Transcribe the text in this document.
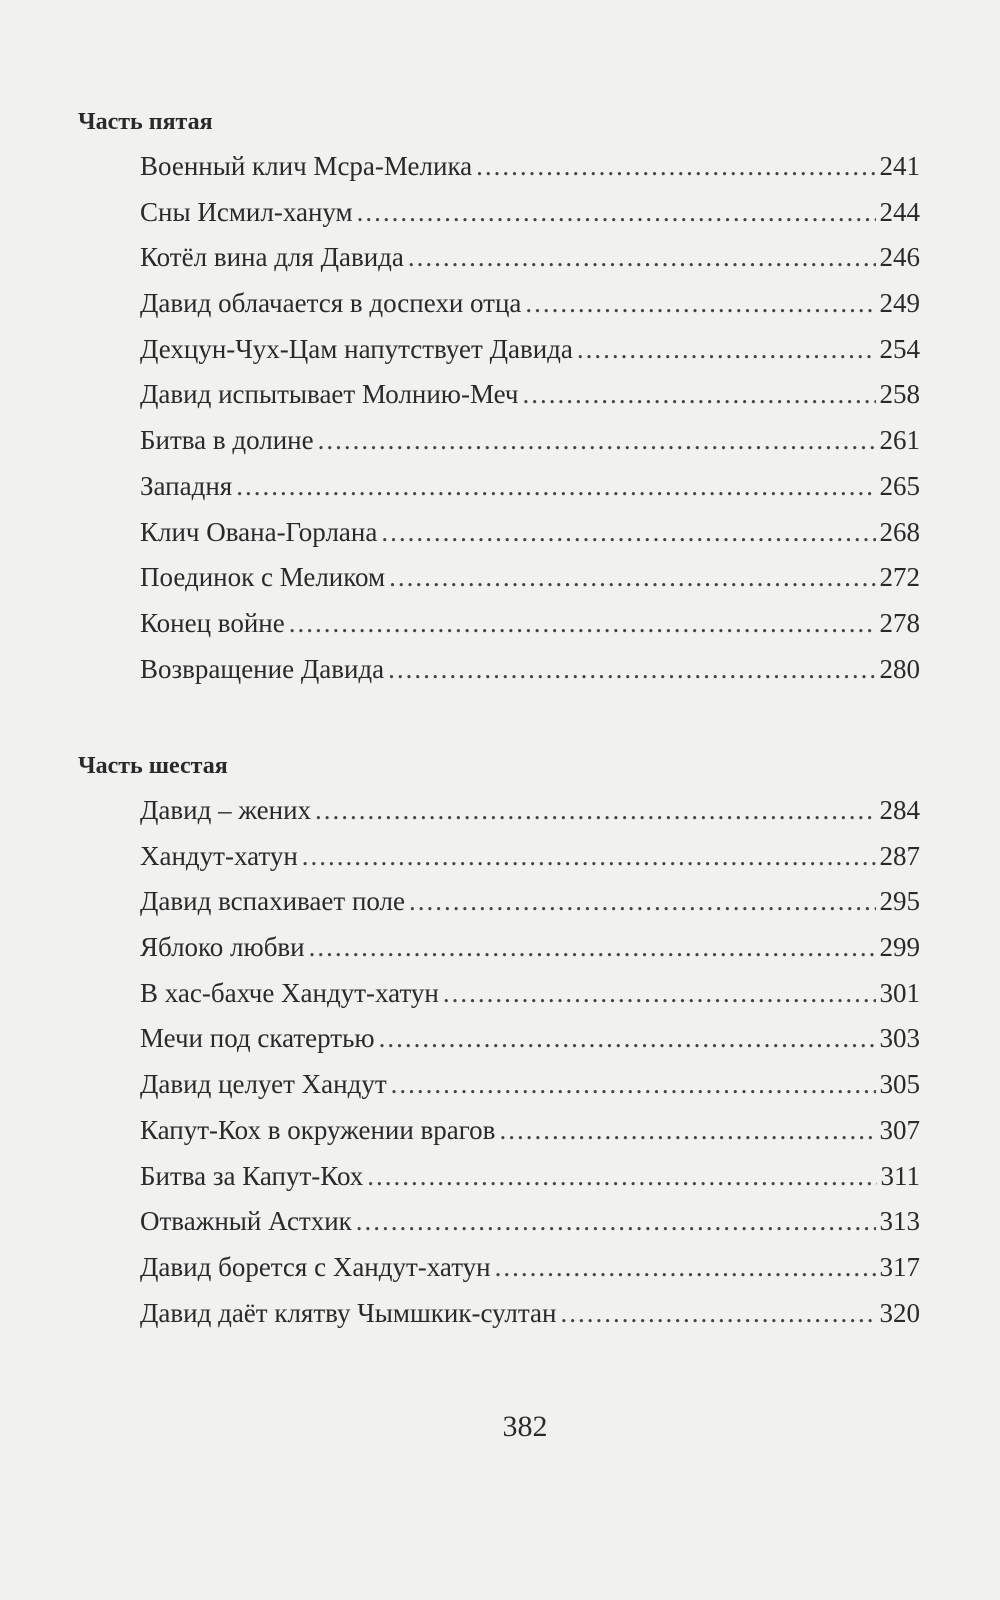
Часть пятая
Военный клич Мсра-Мелика .....	241
Сны Исмил-ханум .....	244
Котёл вина для Давида .....	246
Давид облачается в доспехи отца .....	249
Дехцун-Чух-Цам напутствует Давида .....	254
Давид испытывает Молнию-Меч .....	258
Битва в долине .....	261
Западня .....	265
Клич Ована-Горлана .....	268
Поединок с Меликом .....	272
Конец войне .....	278
Возвращение Давида .....	280
Часть шестая
Давид – жених .....	284
Хандут-хатун .....	287
Давид вспахивает поле .....	295
Яблоко любви .....	299
В хас-бахче Хандут-хатун .....	301
Мечи под скатертью .....	303
Давид целует Хандут .....	305
Капут-Кох в окружении врагов .....	307
Битва за Капут-Кох .....	311
Отважный Астхик .....	313
Давид борется с Хандут-хатун .....	317
Давид даёт клятву Чымшкик-султан .....	320
382
